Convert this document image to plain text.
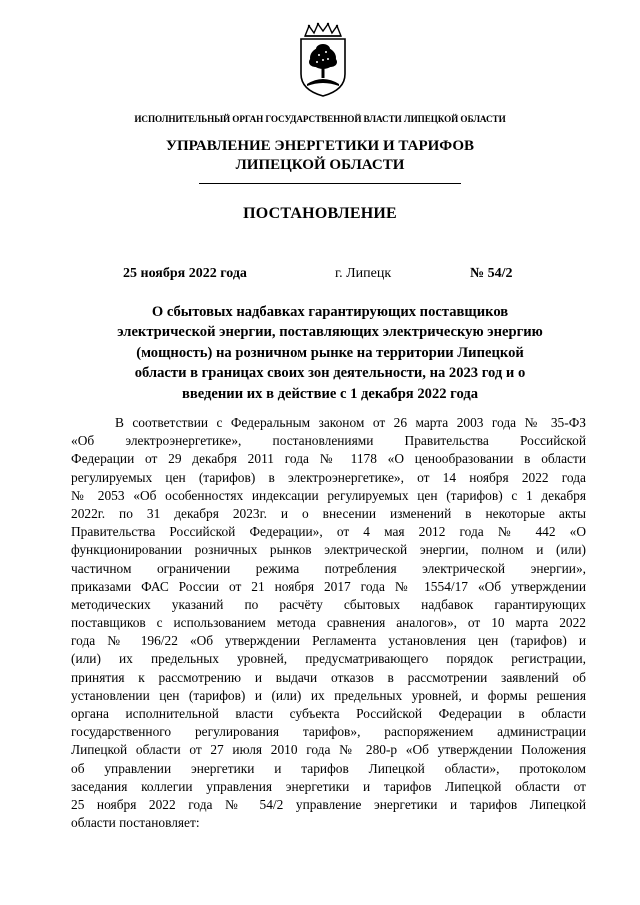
ИСПОЛНИТЕЛЬНЫЙ ОРГАН ГОСУДАРСТВЕННОЙ ВЛАСТИ ЛИПЕЦКОЙ ОБЛАСТИ
УПРАВЛЕНИЕ ЭНЕРГЕТИКИ И ТАРИФОВ
ЛИПЕЦКОЙ ОБЛАСТИ
ПОСТАНОВЛЕНИЕ
25 ноября 2022 года	г. Липецк	№ 54/2
О сбытовых надбавках гарантирующих поставщиков
электрической энергии, поставляющих электрическую энергию
(мощность) на розничном рынке на территории Липецкой
области в границах своих зон деятельности, на 2023 год и о
введении их в действие с 1 декабря 2022 года
В соответствии с Федеральным законом от 26 марта 2003 года № 35-ФЗ
«Об электроэнергетике», постановлениями Правительства Российской
Федерации от 29 декабря 2011 года № 1178 «О ценообразовании в области
регулируемых цен (тарифов) в электроэнергетике», от 14 ноября 2022 года
№ 2053 «Об особенностях индексации регулируемых цен (тарифов) с 1 декабря
2022г. по 31 декабря 2023г. и о внесении изменений в некоторые акты
Правительства Российской Федерации», от 4 мая 2012 года № 442 «О
функционировании розничных рынков электрической энергии, полном и (или)
частичном ограничении режима потребления электрической энергии»,
приказами ФАС России от 21 ноября 2017 года № 1554/17 «Об утверждении
методических указаний по расчёту сбытовых надбавок гарантирующих
поставщиков с использованием метода сравнения аналогов», от 10 марта 2022
года № 196/22 «Об утверждении Регламента установления цен (тарифов) и
(или) их предельных уровней, предусматривающего порядок регистрации,
принятия к рассмотрению и выдачи отказов в рассмотрении заявлений об
установлении цен (тарифов) и (или) их предельных уровней, и формы решения
органа исполнительной власти субъекта Российской Федерации в области
государственного регулирования тарифов», распоряжением администрации
Липецкой области от 27 июля 2010 года № 280-р «Об утверждении Положения
об управлении энергетики и тарифов Липецкой области», протоколом
заседания коллегии управления энергетики и тарифов Липецкой области от
25 ноября 2022 года № 54/2 управление энергетики и тарифов Липецкой
области постановляет:
